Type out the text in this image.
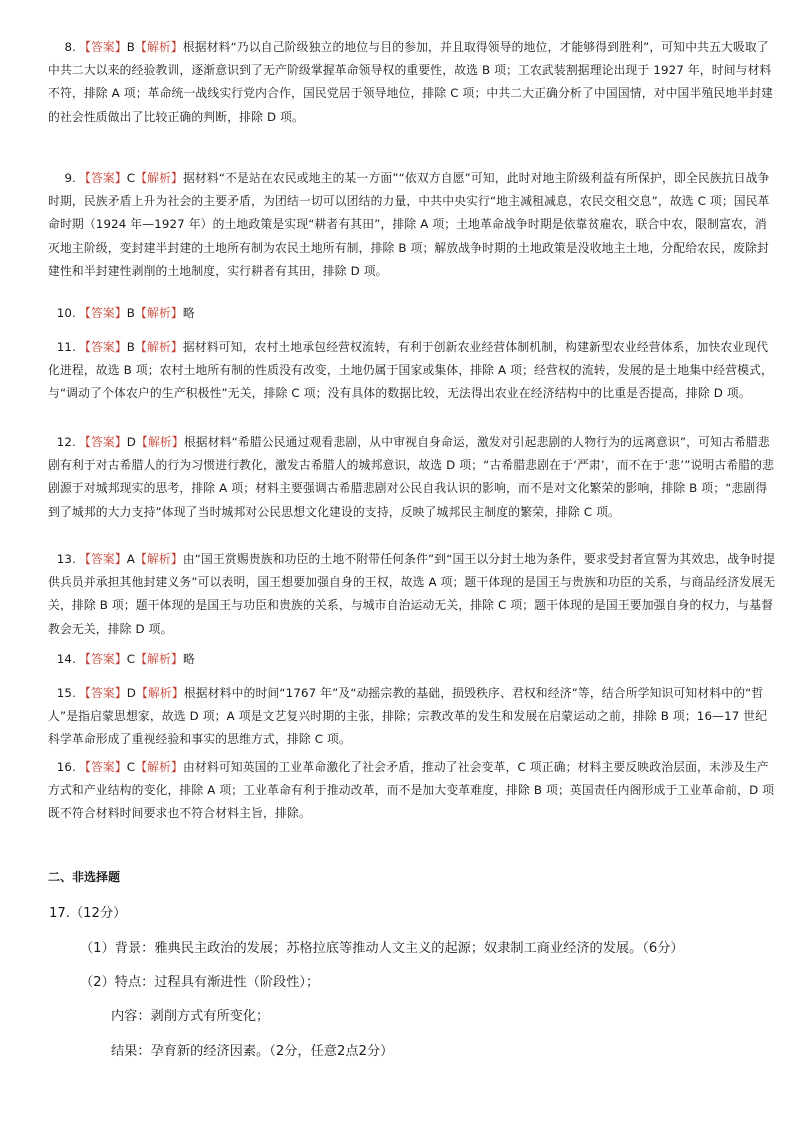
8. 【答案】B【解析】根据材料“乃以自己阶级独立的地位与目的参加，并且取得领导的地位，才能够得到胜利”，可知中共五大吸取了中共二大以来的经验教训，逐渐意识到了无产阶级掌握革命领导权的重要性，故选 B 项；工农武装割据理论出现于 1927 年，时间与材料不符，排除 A 项；革命统一战线实行党内合作，国民党居于领导地位，排除 C 项；中共二大正确分析了中国国情，对中国半殖民地半封建的社会性质做出了比较正确的判断，排除 D 项。
9. 【答案】C【解析】据材料“不是站在农民或地主的某一方面”“依双方自愿”可知，此时对地主阶级利益有所保护，即全民族抗日战争时期，民族矛盾上升为社会的主要矛盾，为团结一切可以团结的力量，中共中央实行“地主减租减息，农民交租交息”，故选 C 项；国民革命时期（1924 年—1927 年）的土地政策是实现“耕者有其田”，排除 A 项；土地革命战争时期是依靠贫雇农，联合中农，限制富农，消灭地主阶级，变封建半封建的土地所有制为农民土地所有制，排除 B 项；解放战争时期的土地政策是没收地主土地，分配给农民，废除封建性和半封建性剥削的土地制度，实行耕者有其田，排除 D 项。
10. 【答案】B【解析】略
11. 【答案】B【解析】据材料可知，农村土地承包经营权流转，有利于创新农业经营体制机制，构建新型农业经营体系，加快农业现代化进程，故选 B 项；农村土地所有制的性质没有改变，土地仍属于国家或集体，排除 A 项；经营权的流转，发展的是土地集中经营模式，与“调动了个体农户的生产积极性”无关，排除 C 项；没有具体的数据比较，无法得出农业在经济结构中的比重是否提高，排除 D 项。
12. 【答案】D【解析】根据材料“希腊公民通过观看悲剧，从中审视自身命运，激发对引起悲剧的人物行为的远离意识”，可知古希腊悲剧有利于对古希腊人的行为习惯进行教化，激发古希腊人的城邦意识，故选 D 项；“古希腊悲剧在于‘严肃’，而不在于‘悲’”说明古希腊的悲剧源于对城邦现实的思考，排除 A 项；材料主要强调古希腊悲剧对公民自我认识的影响，而不是对文化繁荣的影响，排除 B 项；“悲剧得到了城邦的大力支持”体现了当时城邦对公民思想文化建设的支持，反映了城邦民主制度的繁荣，排除 C 项。
13. 【答案】A【解析】由“国王赏赐贵族和功臣的土地不附带任何条件”到“国王以分封土地为条件，要求受封者宣誓为其效忠，战争时提供兵员并承担其他封建义务”可以表明，国王想要加强自身的王权，故选 A 项；题干体现的是国王与贵族和功臣的关系，与商品经济发展无关，排除 B 项；题干体现的是国王与功臣和贵族的关系，与城市自治运动无关，排除 C 项；题干体现的是国王要加强自身的权力，与基督教会无关，排除 D 项。
14. 【答案】C【解析】略
15. 【答案】D【解析】根据材料中的时间“1767 年”及“动摇宗教的基础，损毁秩序、君权和经济”等，结合所学知识可知材料中的“哲人”是指启蒙思想家，故选 D 项；A 项是文艺复兴时期的主张，排除；宗教改革的发生和发展在启蒙运动之前，排除 B 项；16—17 世纪科学革命形成了重视经验和事实的思维方式，排除 C 项。
16. 【答案】C【解析】由材料可知英国的工业革命激化了社会矛盾，推动了社会变革，C 项正确；材料主要反映政治层面，未涉及生产方式和产业结构的变化，排除 A 项；工业革命有利于推动改革，而不是加大变革难度，排除 B 项；英国责任内阁形成于工业革命前，D 项既不符合材料时间要求也不符合材料主旨，排除。
二、非选择题
17.（12分）
（1）背景：雅典民主政治的发展；苏格拉底等推动人文主义的起源；奴隶制工商业经济的发展。（6分）
（2）特点：过程具有渐进性（阶段性）；
内容：剥削方式有所变化；
结果：孕育新的经济因素。（2分，任意2点2分）
